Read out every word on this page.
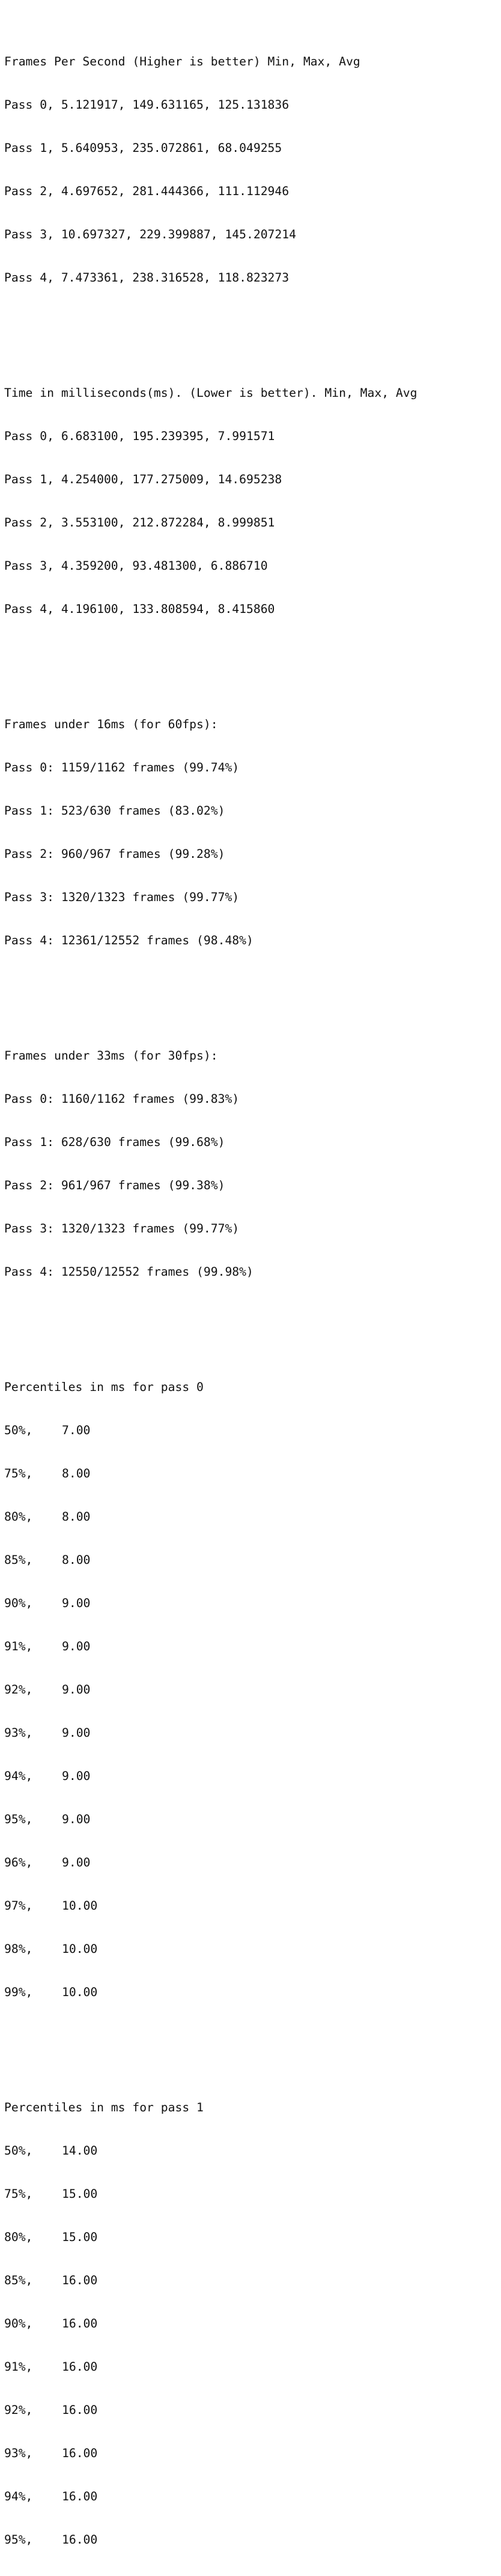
Frames Per Second (Higher is better) Min, Max, Avg

Pass 0, 5.121917, 149.631165, 125.131836

Pass 1, 5.640953, 235.072861, 68.049255

Pass 2, 4.697652, 281.444366, 111.112946

Pass 3, 10.697327, 229.399887, 145.207214

Pass 4, 7.473361, 238.316528, 118.823273

Time in milliseconds(ms). (Lower is better). Min, Max, Avg

Pass 0, 6.683100, 195.239395, 7.991571

Pass 1, 4.254000, 177.275009, 14.695238

Pass 2, 3.553100, 212.872284, 8.999851

Pass 3, 4.359200, 93.481300, 6.886710

Pass 4, 4.196100, 133.808594, 8.415860

Frames under 16ms (for 60fps):

Pass 0: 1159/1162 frames (99.74%)

Pass 1: 523/630 frames (83.02%)

Pass 2: 960/967 frames (99.28%)

Pass 3: 1320/1323 frames (99.77%)

Pass 4: 12361/12552 frames (98.48%)

Frames under 33ms (for 30fps):

Pass 0: 1160/1162 frames (99.83%)

Pass 1: 628/630 frames (99.68%)

Pass 2: 961/967 frames (99.38%)

Pass 3: 1320/1323 frames (99.77%)

Pass 4: 12550/12552 frames (99.98%)

Percentiles in ms for pass 0

50%, 7.00

75%, 8.00

80%, 8.00

85%, 8.00

90%, 9.00

91%, 9.00

92%, 9.00

93%, 9.00

94%, 9.00

95%, 9.00

96%, 9.00

97%, 10.00

98%, 10.00

99%, 10.00

Percentiles in ms for pass 1

50%, 14.00

75%, 15.00

80%, 15.00

85%, 16.00

90%, 16.00

91%, 16.00

92%, 16.00

93%, 16.00

94%, 16.00

95%, 16.00
